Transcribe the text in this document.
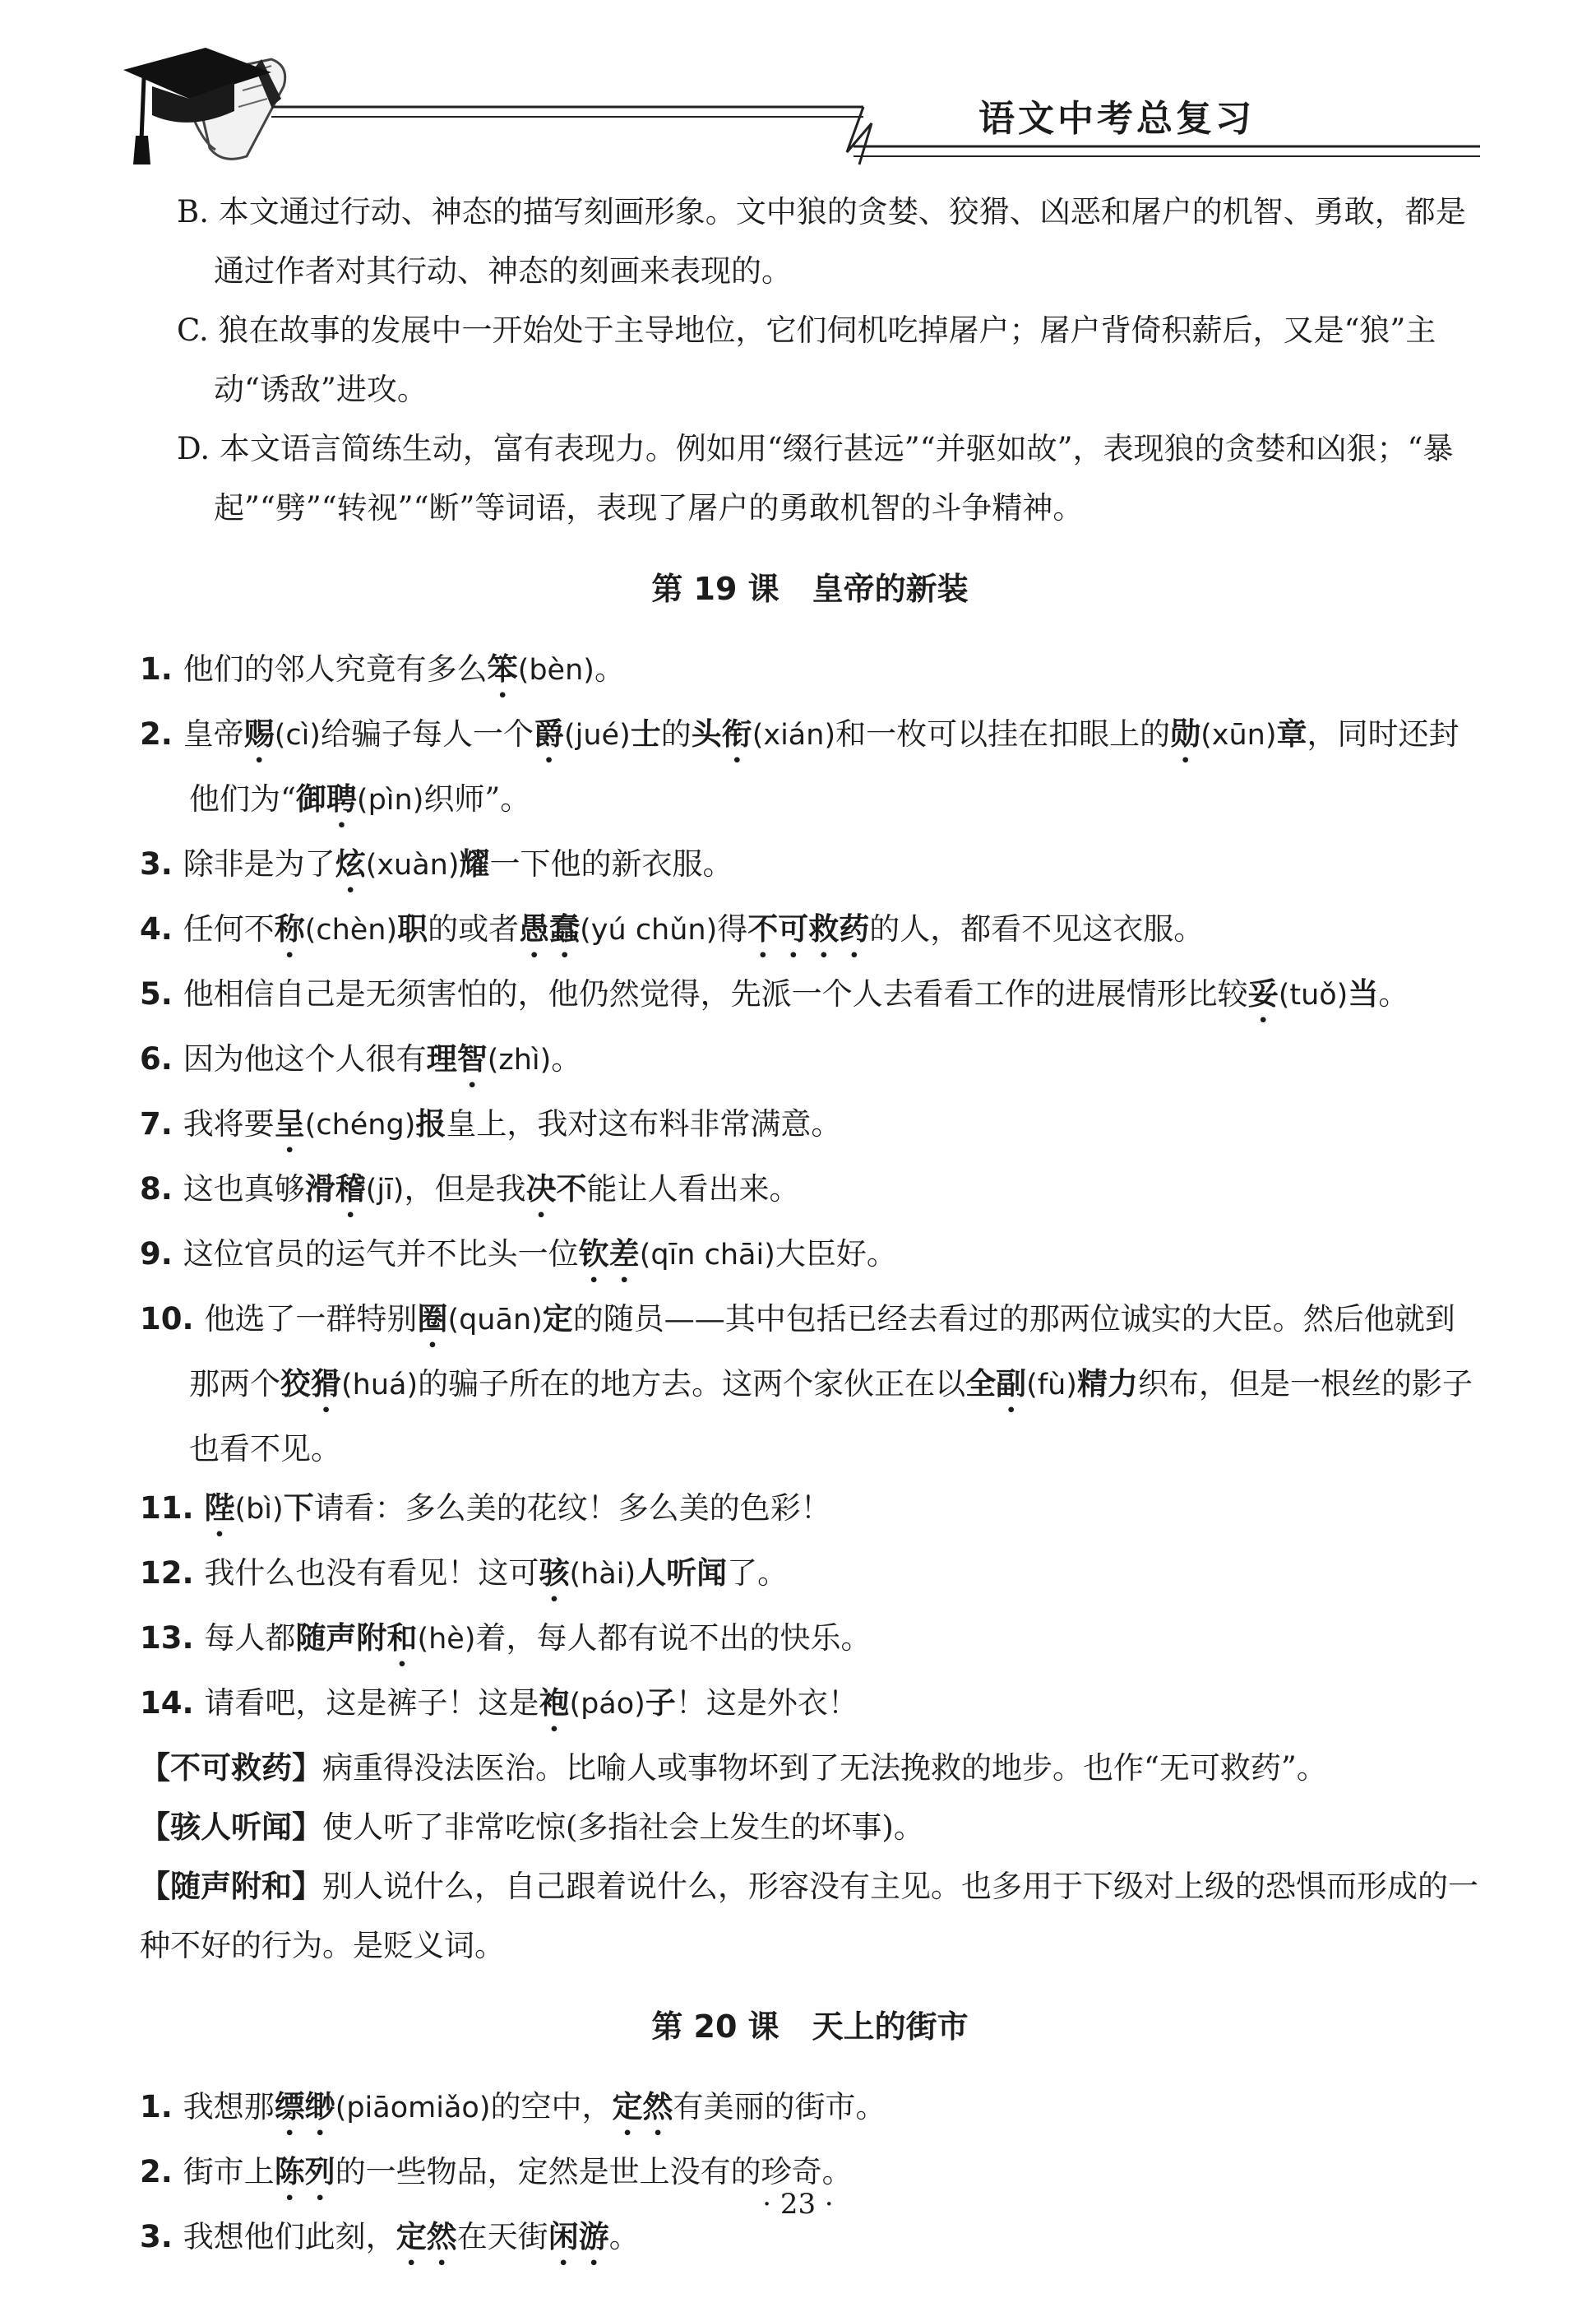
语文中考总复习
B. 本文通过行动、神态的描写刻画形象。文中狼的贪婪、狡猾、凶恶和屠户的机智、勇敢，都是通过作者对其行动、神态的刻画来表现的。
C. 狼在故事的发展中一开始处于主导地位，它们伺机吃掉屠户；屠户背倚积薪后，又是“狼”主动“诱敌”进攻。
D. 本文语言简练生动，富有表现力。例如用“缀行甚远”“并驱如故”，表现狼的贪婪和凶狠；“暴起”“劈”“转视”“断”等词语，表现了屠户的勇敢机智的斗争精神。
第 19 课 皇帝的新装
1. 他们的邻人究竟有多么笨(bèn)。
2. 皇帝赐(cì)给骗子每人一个爵(jué)士的头衔(xián)和一枚可以挂在扣眼上的勋(xūn)章，同时还封他们为“御聘(pìn)织师”。
3. 除非是为了炫(xuàn)耀一下他的新衣服。
4. 任何不称(chèn)职的或者愚蠢(yú chǔn)得不可救药的人，都看不见这衣服。
5. 他相信自己是无须害怕的，他仍然觉得，先派一个人去看看工作的进展情形比较妥(tuǒ)当。
6. 因为他这个人很有理智(zhì)。
7. 我将要呈(chéng)报皇上，我对这布料非常满意。
8. 这也真够滑稽(jī)，但是我决不能让人看出来。
9. 这位官员的运气并不比头一位钦差(qīn chāi)大臣好。
10. 他选了一群特别圈(quān)定的随员——其中包括已经去看过的那两位诚实的大臣。然后他就到那两个狡猾(huá)的骗子所在的地方去。这两个家伙正在以全副(fù)精力织布，但是一根丝的影子也看不见。
11. 陛(bì)下请看：多么美的花纹！多么美的色彩！
12. 我什么也没有看见！这可骇(hài)人听闻了。
13. 每人都随声附和(hè)着，每人都有说不出的快乐。
14. 请看吧，这是裤子！这是袍(páo)子！这是外衣！
【不可救药】病重得没法医治。比喻人或事物坏到了无法挽救的地步。也作“无可救药”。
【骇人听闻】使人听了非常吃惊(多指社会上发生的坏事)。
【随声附和】别人说什么，自己跟着说什么，形容没有主见。也多用于下级对上级的恐惧而形成的一种不好的行为。是贬义词。
第 20 课 天上的街市
1. 我想那缥缈(piāomiǎo)的空中，定然有美丽的街市。
2. 街市上陈列的一些物品，定然是世上没有的珍奇。
3. 我想他们此刻，定然在天街闲游。
· 23 ·
